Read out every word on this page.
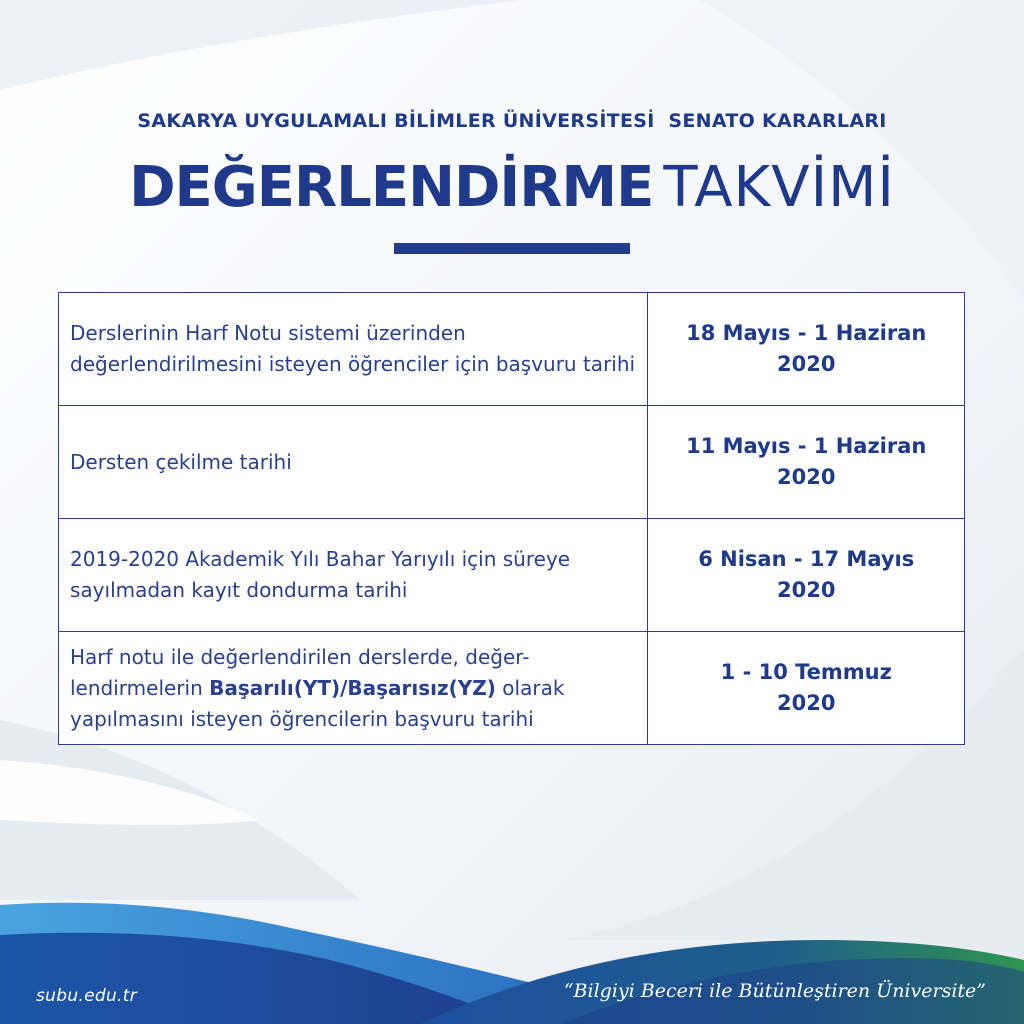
SAKARYA UYGULAMALI BİLİMLER ÜNİVERSİTESİ  SENATO KARARLARI
DEĞERLENDİRME TAKVİMİ
Derslerinin Harf Notu sistemi üzerinden değerlendirilmesini isteyen öğrenciler için başvuru tarihi	18 Mayıs - 1 Haziran
2020

Dersten çekilme tarihi	11 Mayıs - 1 Haziran
2020

2019-2020 Akademik Yılı Bahar Yarıyılı için süreye sayılmadan kayıt dondurma tarihi	6 Nisan - 17 Mayıs
2020

Harf notu ile değerlendirilen derslerde, değer-lendirmelerin Başarılı(YT)/Başarısız(YZ) olarak yapılmasını isteyen öğrencilerin başvuru tarihi	1 - 10 Temmuz
2020
subu.edu.tr	“Bilgiyi Beceri ile Bütünleştiren Üniversite”
